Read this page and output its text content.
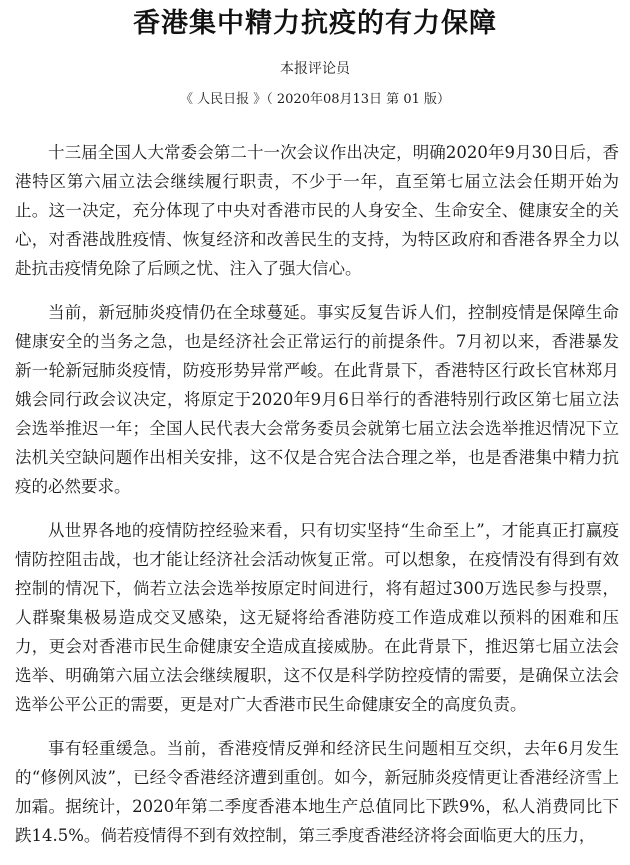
香港集中精力抗疫的有力保障
本报评论员
《 人民日报 》（ 2020年08月13日 第 01 版）

十三届全国人大常委会第二十一次会议作出决定，明确2020年9月30日后，香港特区第六届立法会继续履行职责，不少于一年，直至第七届立法会任期开始为止。这一决定，充分体现了中央对香港市民的人身安全、生命安全、健康安全的关心，对香港战胜疫情、恢复经济和改善民生的支持，为特区政府和香港各界全力以赴抗击疫情免除了后顾之忧、注入了强大信心。

当前，新冠肺炎疫情仍在全球蔓延。事实反复告诉人们，控制疫情是保障生命健康安全的当务之急，也是经济社会正常运行的前提条件。7月初以来，香港暴发新一轮新冠肺炎疫情，防疫形势异常严峻。在此背景下，香港特区行政长官林郑月娥会同行政会议决定，将原定于2020年9月6日举行的香港特别行政区第七届立法会选举推迟一年；全国人民代表大会常务委员会就第七届立法会选举推迟情况下立法机关空缺问题作出相关安排，这不仅是合宪合法合理之举，也是香港集中精力抗疫的必然要求。

从世界各地的疫情防控经验来看，只有切实坚持“生命至上”，才能真正打赢疫情防控阻击战，也才能让经济社会活动恢复正常。可以想象，在疫情没有得到有效控制的情况下，倘若立法会选举按原定时间进行，将有超过300万选民参与投票，人群聚集极易造成交叉感染，这无疑将给香港防疫工作造成难以预料的困难和压力，更会对香港市民生命健康安全造成直接威胁。在此背景下，推迟第七届立法会选举、明确第六届立法会继续履职，这不仅是科学防控疫情的需要，是确保立法会选举公平公正的需要，更是对广大香港市民生命健康安全的高度负责。

事有轻重缓急。当前，香港疫情反弹和经济民生问题相互交织，去年6月发生的“修例风波”，已经令香港经济遭到重创。如今，新冠肺炎疫情更让香港经济雪上加霜。据统计，2020年第二季度香港本地生产总值同比下跌9%，私人消费同比下跌14.5%。倘若疫情得不到有效控制，第三季度香港经济将会面临更大的压力，
